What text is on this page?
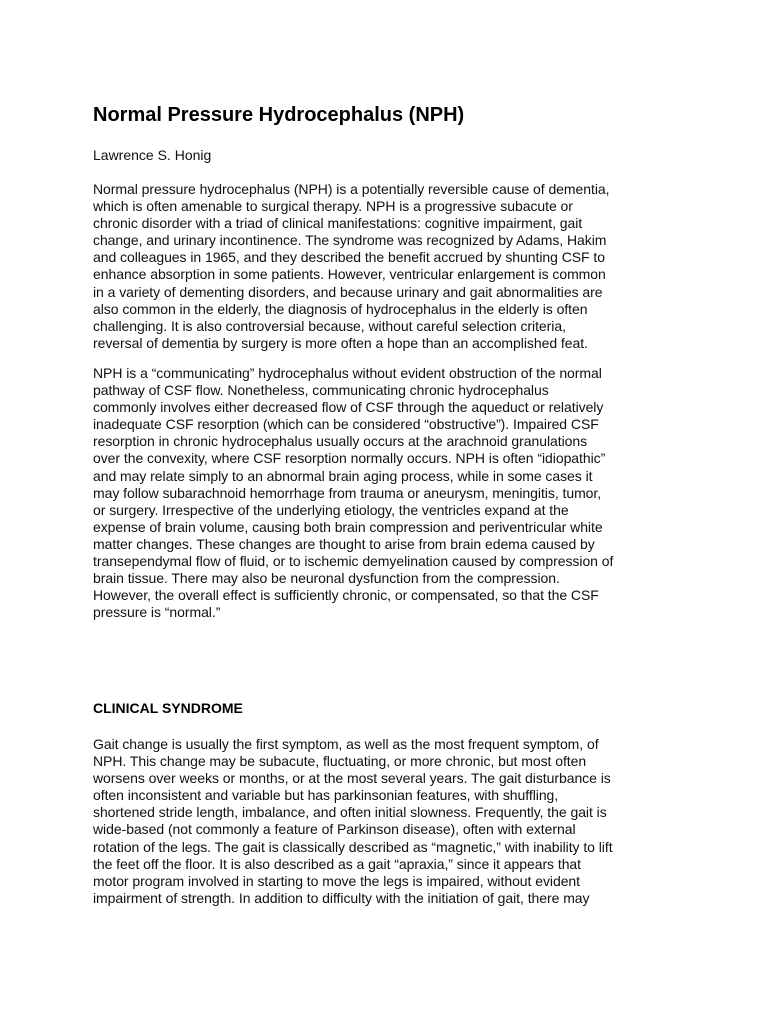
Normal Pressure Hydrocephalus (NPH)

Lawrence S. Honig

Normal pressure hydrocephalus (NPH) is a potentially reversible cause of dementia,
which is often amenable to surgical therapy. NPH is a progressive subacute or
chronic disorder with a triad of clinical manifestations: cognitive impairment, gait
change, and urinary incontinence. The syndrome was recognized by Adams, Hakim
and colleagues in 1965, and they described the benefit accrued by shunting CSF to
enhance absorption in some patients. However, ventricular enlargement is common
in a variety of dementing disorders, and because urinary and gait abnormalities are
also common in the elderly, the diagnosis of hydrocephalus in the elderly is often
challenging. It is also controversial because, without careful selection criteria,
reversal of dementia by surgery is more often a hope than an accomplished feat.

NPH is a “communicating” hydrocephalus without evident obstruction of the normal
pathway of CSF flow. Nonetheless, communicating chronic hydrocephalus
commonly involves either decreased flow of CSF through the aqueduct or relatively
inadequate CSF resorption (which can be considered “obstructive”). Impaired CSF
resorption in chronic hydrocephalus usually occurs at the arachnoid granulations
over the convexity, where CSF resorption normally occurs. NPH is often “idiopathic”
and may relate simply to an abnormal brain aging process, while in some cases it
may follow subarachnoid hemorrhage from trauma or aneurysm, meningitis, tumor,
or surgery. Irrespective of the underlying etiology, the ventricles expand at the
expense of brain volume, causing both brain compression and periventricular white
matter changes. These changes are thought to arise from brain edema caused by
transependymal flow of fluid, or to ischemic demyelination caused by compression of
brain tissue. There may also be neuronal dysfunction from the compression.
However, the overall effect is sufficiently chronic, or compensated, so that the CSF
pressure is “normal.”

CLINICAL SYNDROME

Gait change is usually the first symptom, as well as the most frequent symptom, of
NPH. This change may be subacute, fluctuating, or more chronic, but most often
worsens over weeks or months, or at the most several years. The gait disturbance is
often inconsistent and variable but has parkinsonian features, with shuffling,
shortened stride length, imbalance, and often initial slowness. Frequently, the gait is
wide-based (not commonly a feature of Parkinson disease), often with external
rotation of the legs. The gait is classically described as “magnetic,” with inability to lift
the feet off the floor. It is also described as a gait “apraxia,” since it appears that
motor program involved in starting to move the legs is impaired, without evident
impairment of strength. In addition to difficulty with the initiation of gait, there may
